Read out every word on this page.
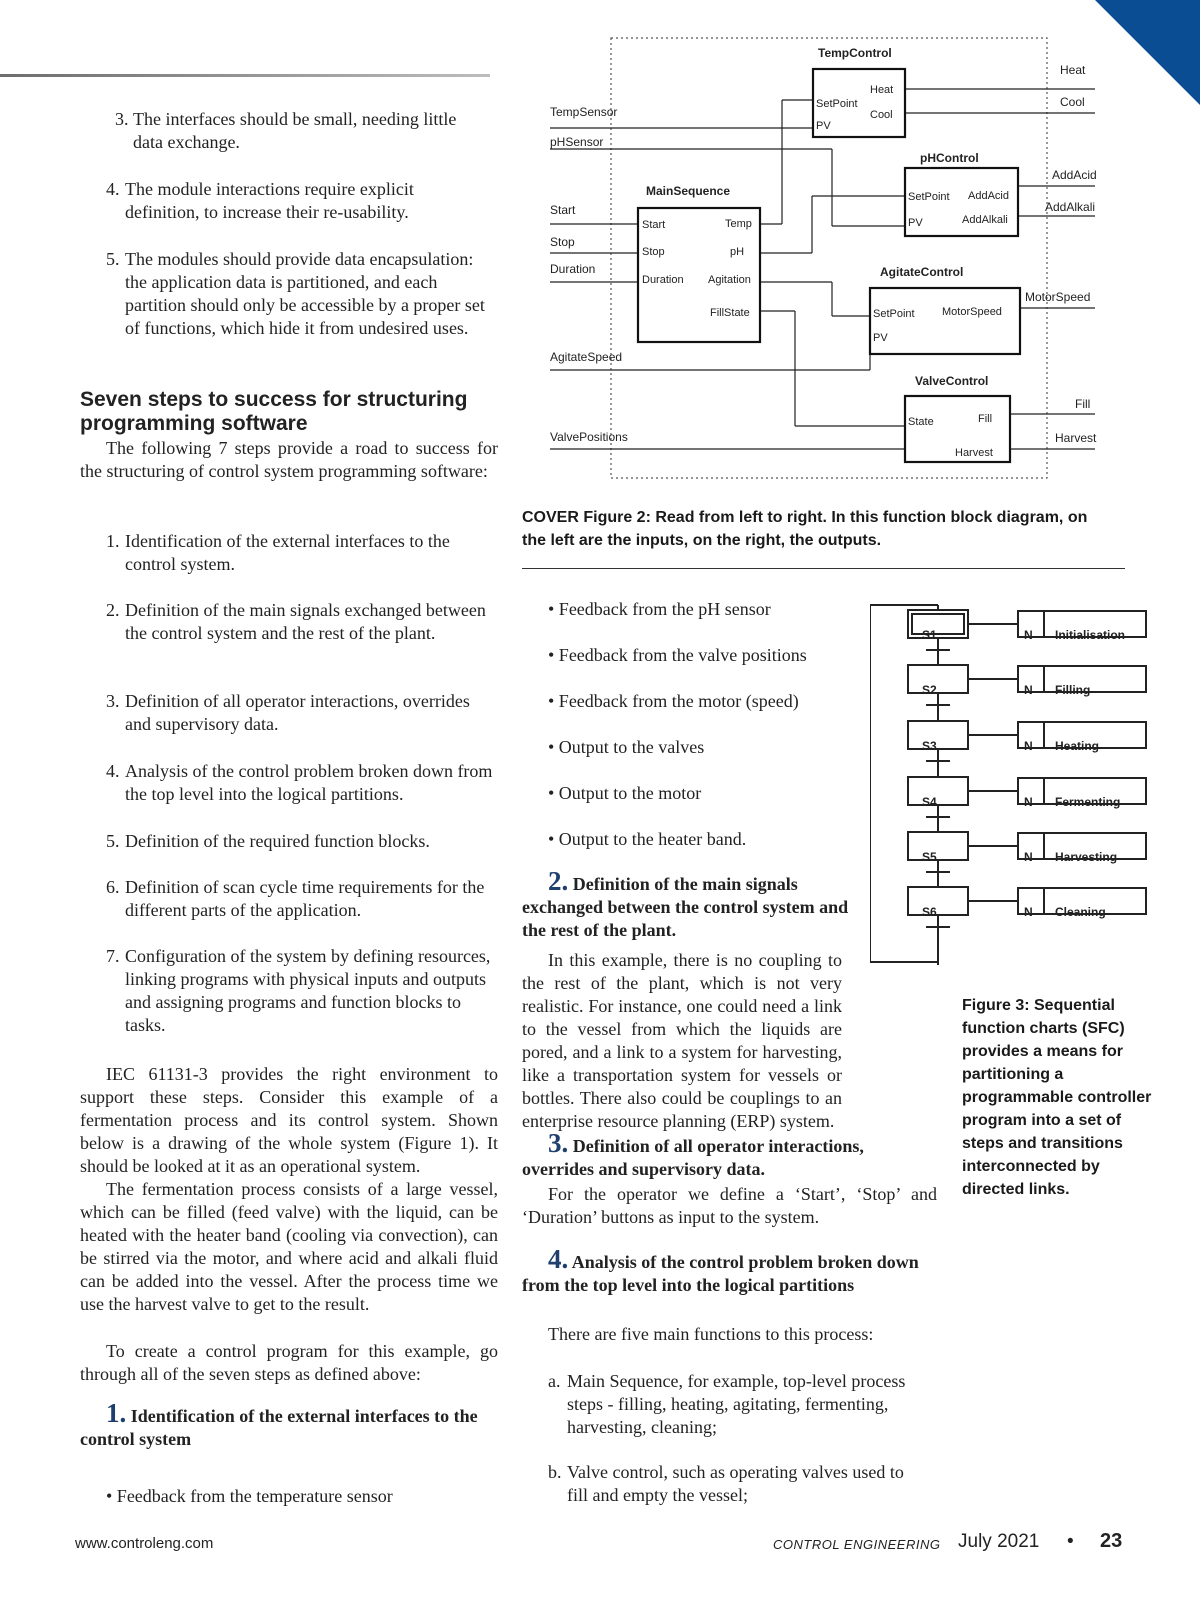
3. The interfaces should be small, needing little data exchange.
4. The module interactions require explicit definition, to increase their re-usability.
5. The modules should provide data encapsulation: the application data is partitioned, and each partition should only be accessible by a proper set of functions, which hide it from undesired uses.
Seven steps to success for structuring programming software
The following 7 steps provide a road to success for the structuring of control system programming software:
1. Identification of the external interfaces to the control system.
2. Definition of the main signals exchanged between the control system and the rest of the plant.
3. Definition of all operator interactions, overrides and supervisory data.
4. Analysis of the control problem broken down from the top level into the logical partitions.
5. Definition of the required function blocks.
6. Definition of scan cycle time requirements for the different parts of the application.
7. Configuration of the system by defining resources, linking programs with physical inputs and outputs and assigning programs and function blocks to tasks.
IEC 61131-3 provides the right environment to support these steps. Consider this example of a fermentation process and its control system. Shown below is a drawing of the whole system (Figure 1). It should be looked at it as an operational system.
The fermentation process consists of a large vessel, which can be filled (feed valve) with the liquid, can be heated with the heater band (cooling via convection), can be stirred via the motor, and where acid and alkali fluid can be added into the vessel. After the process time we use the harvest valve to get to the result.
To create a control program for this example, go through all of the seven steps as defined above:
1. Identification of the external interfaces to the control system
• Feedback from the temperature sensor
TempSensor
pHSensor
Start
Stop
Duration
AgitateSpeed
ValvePositions
Heat
Cool
AddAcid
AddAlkali
MotorSpeed
Fill
Harvest
TempControl
SetPoint
PV
Heat
Cool
pHControl
SetPoint
PV
AddAcid
AddAlkali
MainSequence
Start
Stop
Duration
Temp
pH
Agitation
FillState
AgitateControl
SetPoint
PV
MotorSpeed
ValveControl
State	Fill
Harvest
COVER Figure 2: Read from left to right. In this function block diagram, on the left are the inputs, on the right, the outputs.
• Feedback from the pH sensor
• Feedback from the valve positions
• Feedback from the motor (speed)
• Output to the valves
• Output to the motor
• Output to the heater band.
2. Definition of the main signals exchanged between the control system and the rest of the plant.
In this example, there is no coupling to the rest of the plant, which is not very realistic. For instance, one could need a link to the vessel from which the liquids are pored, and a link to a system for harvesting, like a transportation system for vessels or bottles. There also could be couplings to an enterprise resource planning (ERP) system.
3. Definition of all operator interactions, overrides and supervisory data.
For the operator we define a ‘Start’, ‘Stop’ and ‘Duration’ buttons as input to the system.
4. Analysis of the control problem broken down from the top level into the logical partitions
There are five main functions to this process:
a. Main Sequence, for example, top-level process steps - filling, heating, agitating, fermenting, harvesting, cleaning;
b. Valve control, such as operating valves used to fill and empty the vessel;
S1
S2
S3
S4
S5
S6
N
N
N
N
N
N
Initialisation
Filling
Heating
Fermenting
Harvesting
Cleaning
Figure 3: Sequential function charts (SFC) provides a means for partitioning a programmable controller program into a set of steps and transitions interconnected by directed links.
www.controleng.com	CONTROL ENGINEERING July 2021 • 23
